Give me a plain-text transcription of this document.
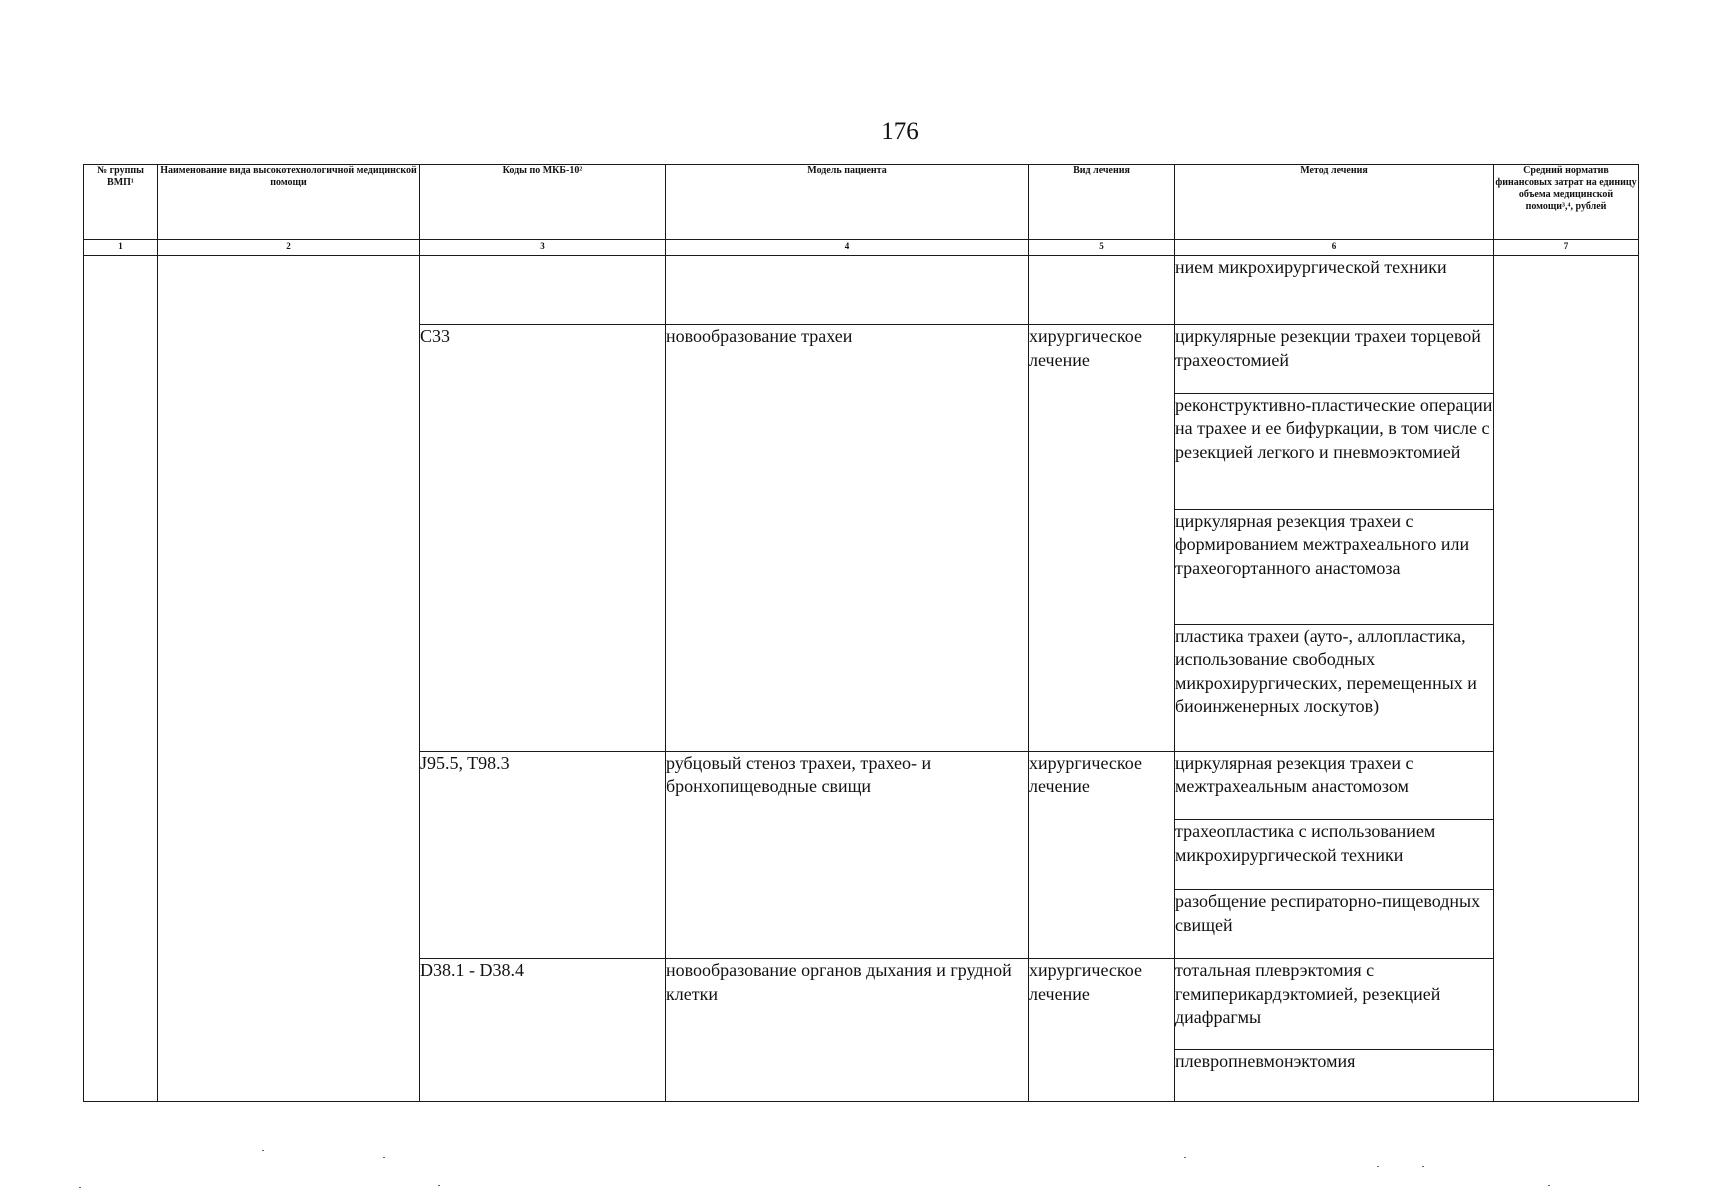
176
№ группы ВМП¹	Наименование вида высокотехнологичной медицинской помощи	Коды по МКБ-10²	Модель пациента	Вид лечения	Метод лечения	Средний норматив финансовых затрат на единицу объема медицинской помощи³,⁴, рублей
1	2	3	4	5	6	7
					нием микрохирургической техники	
		С33	новообразование трахеи	хирургическое лечение	циркулярные резекции трахеи торцевой трахеостомией	
					реконструктивно-пластические операции на трахее и ее бифуркации, в том числе с резекцией легкого и пневмоэктомией	
					циркулярная резекция трахеи с формированием межтрахеального или трахеогортанного анастомоза	
					пластика трахеи (ауто-, аллопластика, использование свободных микрохирургических, перемещенных и биоинженерных лоскутов)	
		J95.5, T98.3	рубцовый стеноз трахеи, трахео- и бронхопищеводные свищи	хирургическое лечение	циркулярная резекция трахеи с межтрахеальным анастомозом	
					трахеопластика с использованием микрохирургической техники	
					разобщение респираторно-пищеводных свищей	
		D38.1 - D38.4	новообразование органов дыхания и грудной клетки	хирургическое лечение	тотальная плеврэктомия с гемиперикардэктомией, резекцией диафрагмы	
					плевропневмонэктомия	
